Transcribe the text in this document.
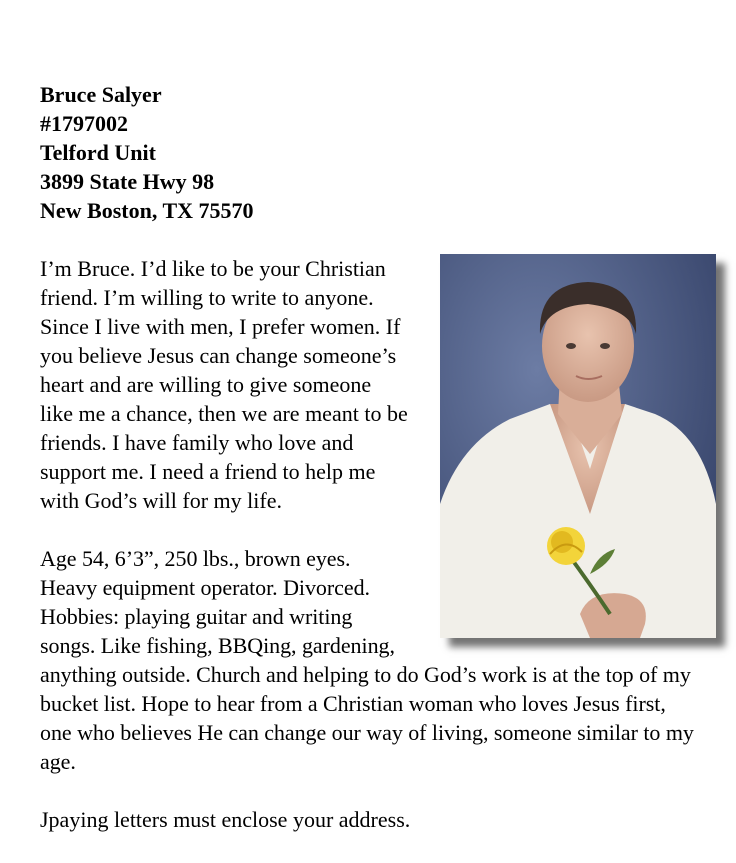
Bruce Salyer
#1797002
Telford Unit
3899 State Hwy 98
New Boston, TX 75570

I’m Bruce. I’d like to be your Christian friend. I’m willing to write to anyone. Since I live with men, I prefer women. If you believe Jesus can change someone’s heart and are willing to give someone like me a chance, then we are meant to be friends. I have family who love and support me. I need a friend to help me with God’s will for my life.

Age 54, 6’3”, 250 lbs., brown eyes. Heavy equipment operator. Divorced. Hobbies: playing guitar and writing songs. Like fishing, BBQing, gardening, anything outside. Church and helping to do God’s work is at the top of my bucket list. Hope to hear from a Christian woman who loves Jesus first, one who believes He can change our way of living, someone similar to my age.

Jpaying letters must enclose your address.
